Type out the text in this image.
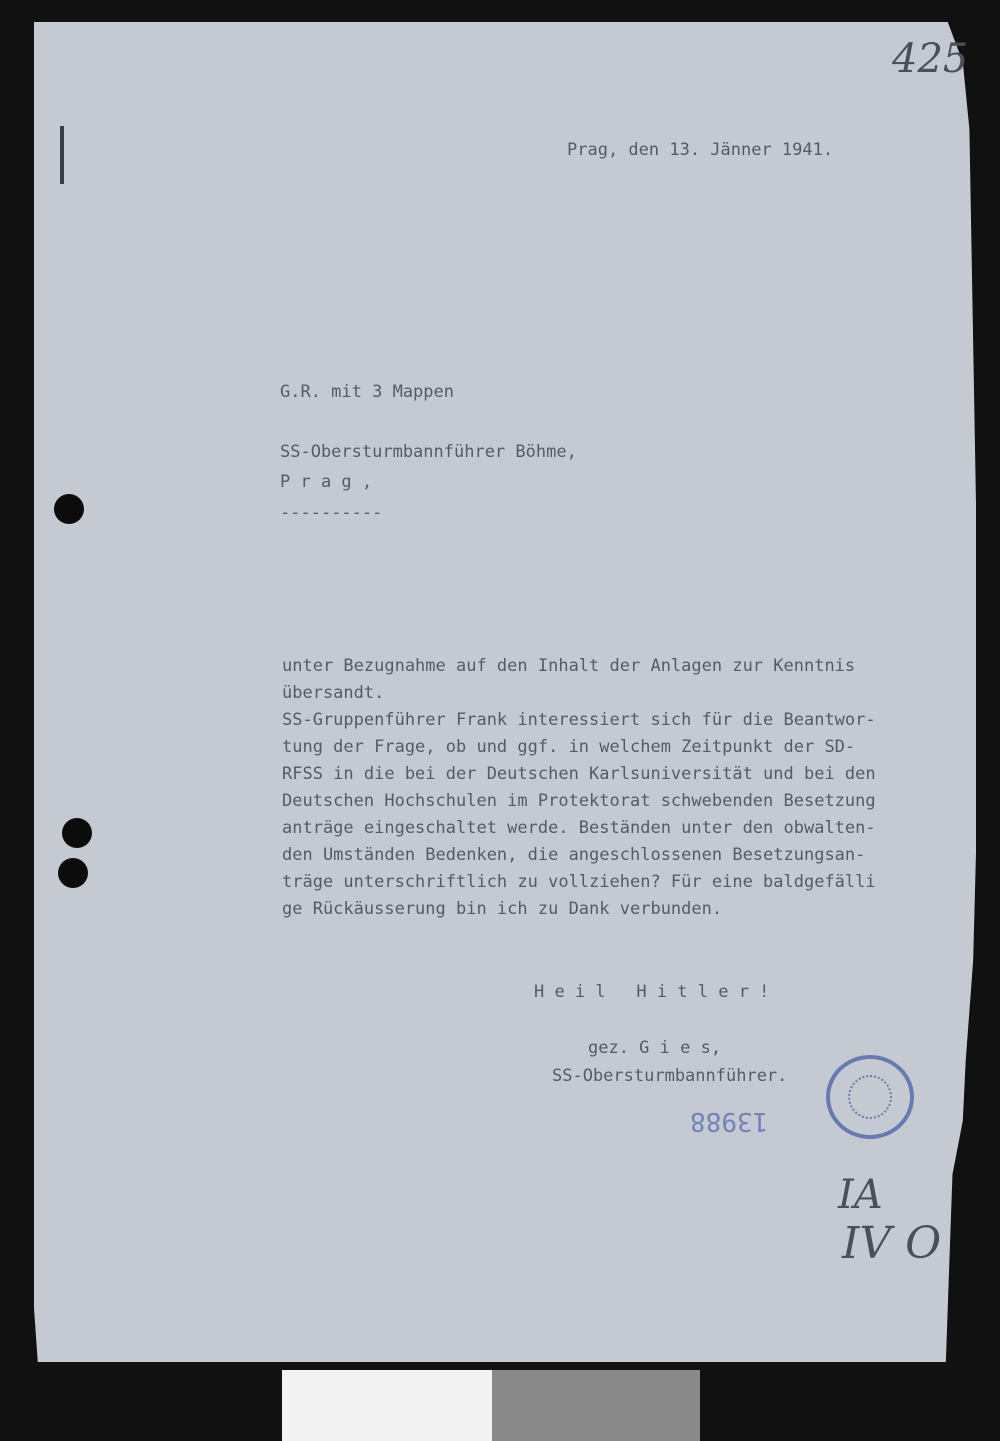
425
Prag, den 13. Jänner 1941.
G.R. mit 3 Mappen
SS-Obersturmbannführer Böhme,
P r a g ,
----------
unter Bezugnahme auf den Inhalt der Anlagen zur Kenntnis
übersandt.
SS-Gruppenführer Frank interessiert sich für die Beantwor-
tung der Frage, ob und ggf. in welchem Zeitpunkt der SD-
RFSS in die bei der Deutschen Karlsuniversität und bei den
Deutschen Hochschulen im Protektorat schwebenden Besetzung
anträge eingeschaltet werde. Beständen unter den obwalten-
den Umständen Bedenken, die angeschlossenen Besetzungsan-
träge unterschriftlich zu vollziehen? Für eine baldgefälli
ge Rückäusserung bin ich zu Dank verbunden.
H e i l   H i t l e r !
gez. G i e s,
SS-Obersturmbannführer.
13988
IA
IV O
